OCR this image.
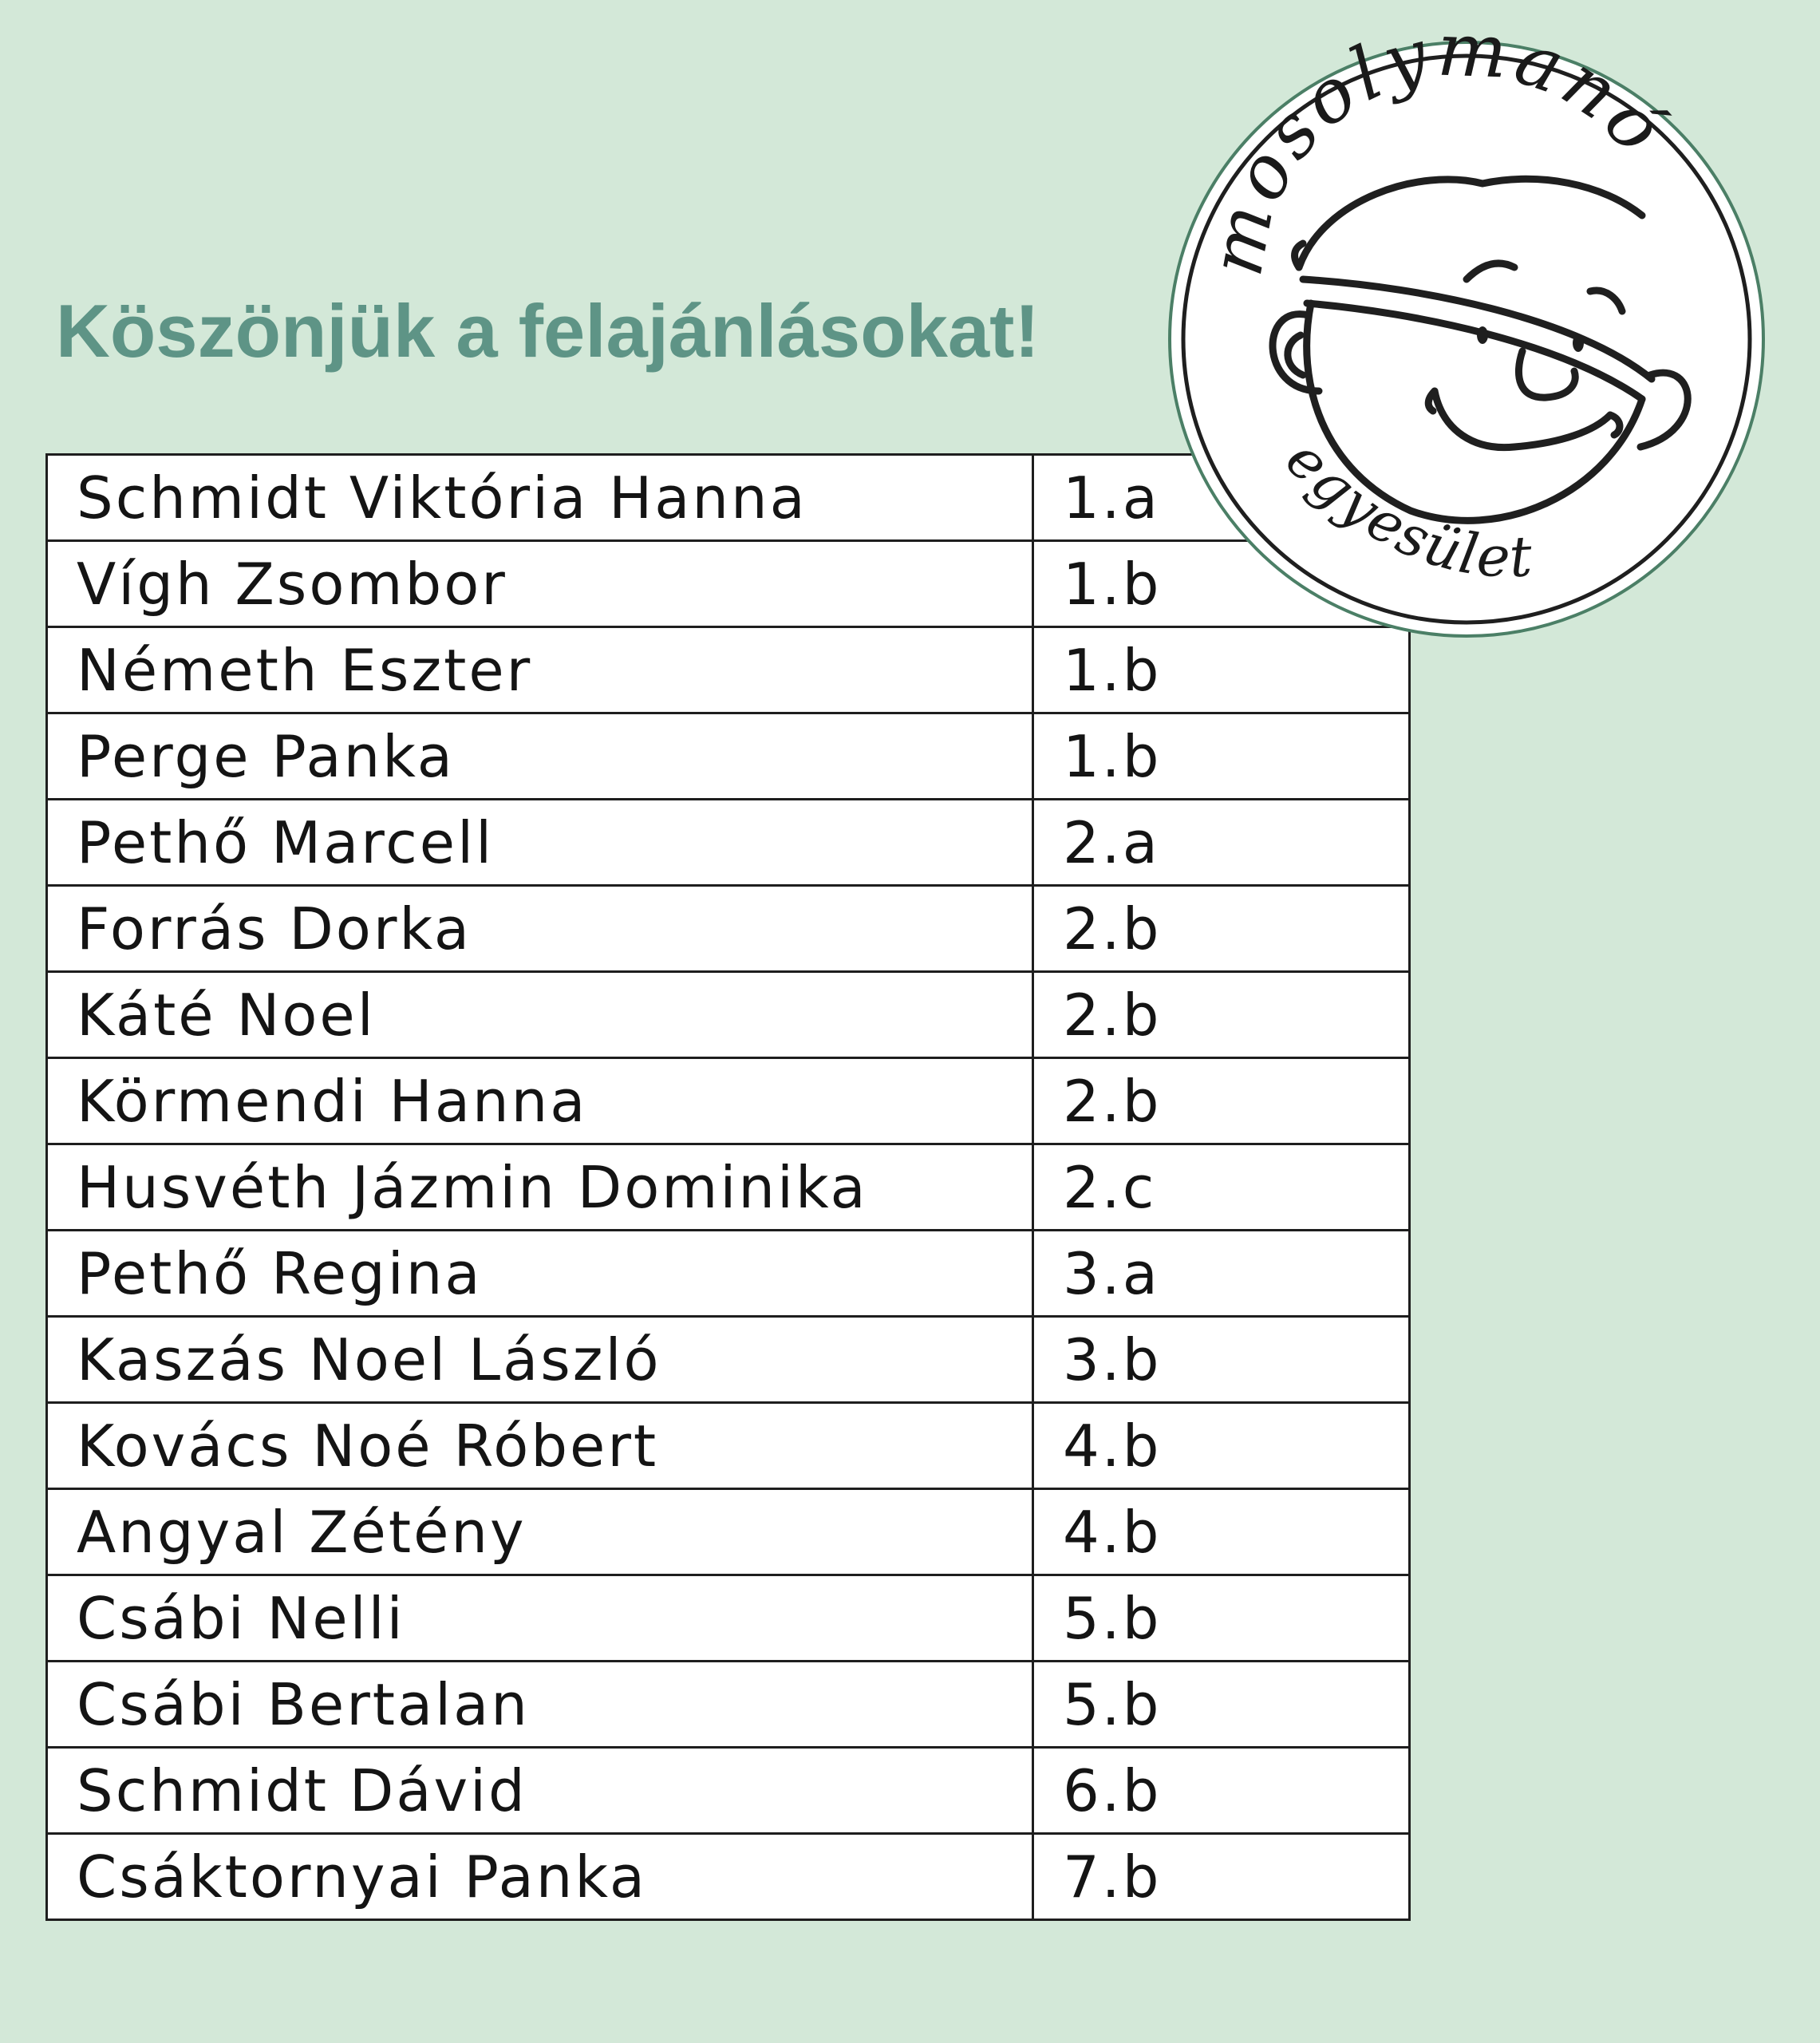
Köszönjük a felajánlásokat!
Schmidt Viktória Hanna	1.a
Vígh Zsombor	1.b
Németh Eszter	1.b
Perge Panka	1.b
Pethő Marcell	2.a
Forrás Dorka	2.b
Káté Noel	2.b
Körmendi Hanna	2.b
Husvéth Jázmin Dominika	2.c
Pethő Regina	3.a
Kaszás Noel László	3.b
Kovács Noé Róbert	4.b
Angyal Zétény	4.b
Csábi Nelli	5.b
Csábi Bertalan	5.b
Schmidt Dávid	6.b
Csáktornyai Panka	7.b
mosolymanó
egyesület
